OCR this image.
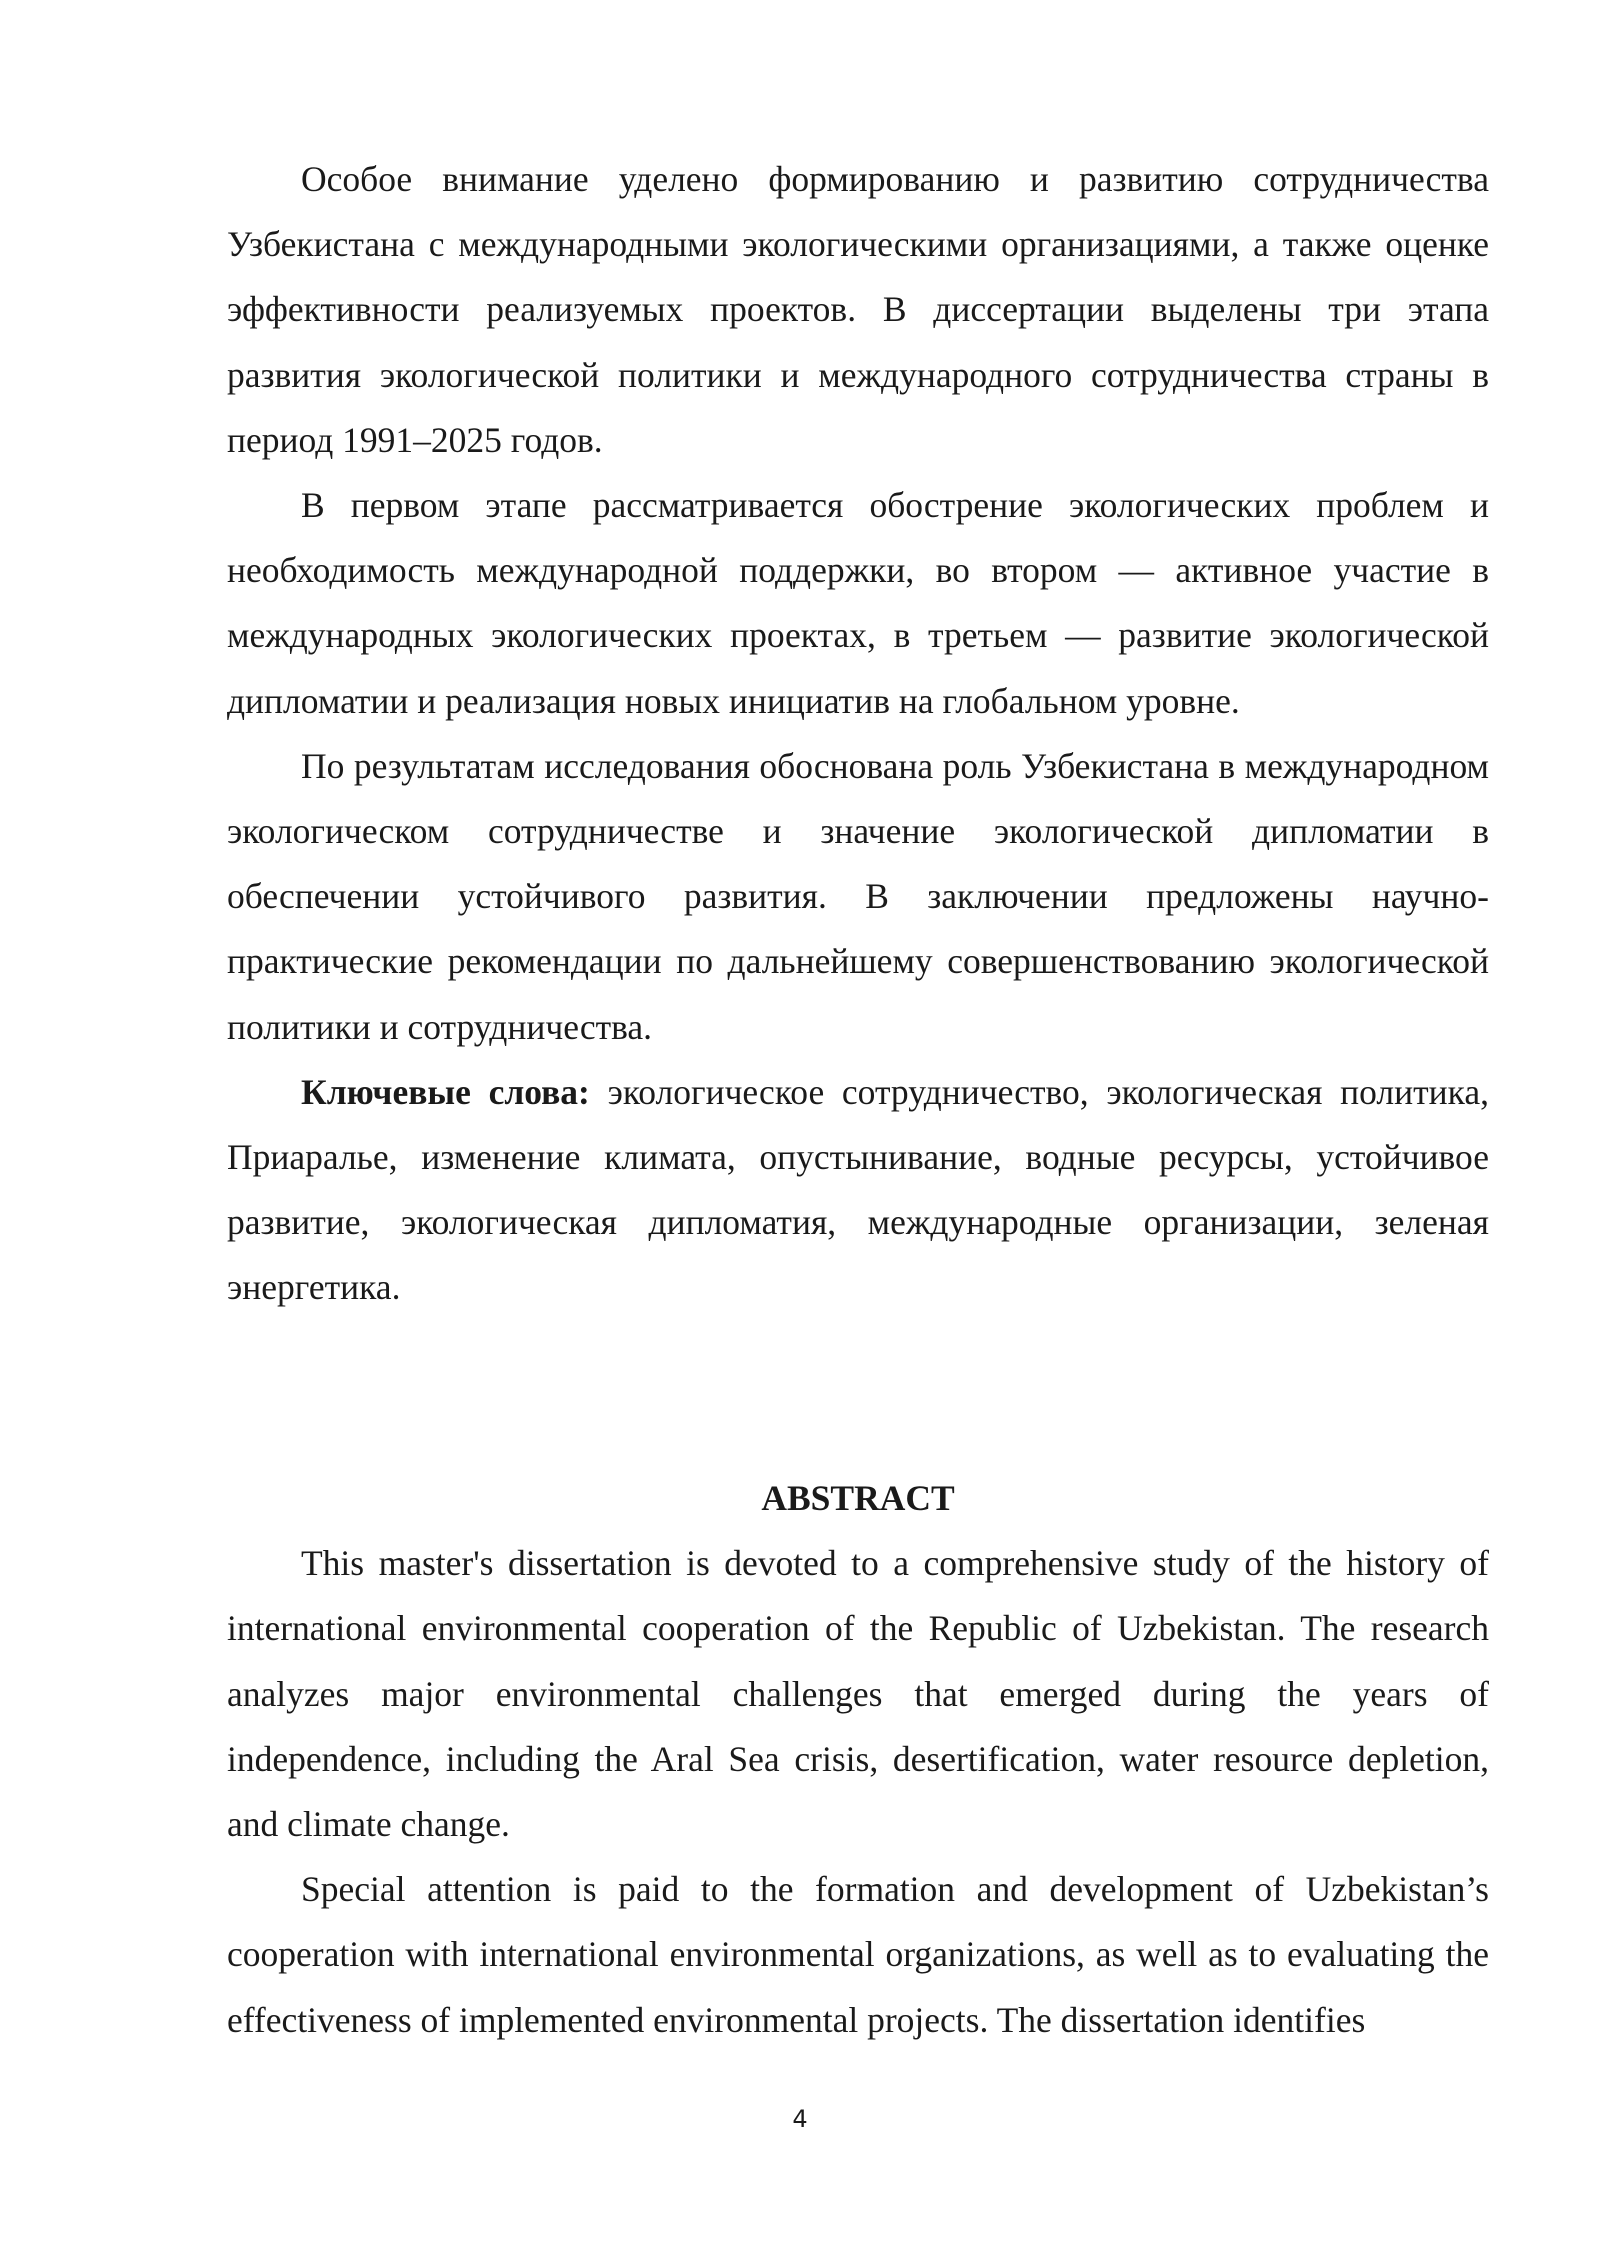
Особое внимание уделено формированию и развитию сотрудничества Узбекистана с международными экологическими организациями, а также оценке эффективности реализуемых проектов. В диссертации выделены три этапа развития экологической политики и международного сотрудничества страны в период 1991–2025 годов.

В первом этапе рассматривается обострение экологических проблем и необходимость международной поддержки, во втором — активное участие в международных экологических проектах, в третьем — развитие экологической дипломатии и реализация новых инициатив на глобальном уровне.

По результатам исследования обоснована роль Узбекистана в международном экологическом сотрудничестве и значение экологической дипломатии в обеспечении устойчивого развития. В заключении предложены научно-практические рекомендации по дальнейшему совершенствованию экологической политики и сотрудничества.

Ключевые слова: экологическое сотрудничество, экологическая политика, Приаралье, изменение климата, опустынивание, водные ресурсы, устойчивое развитие, экологическая дипломатия, международные организации, зеленая энергетика.

ABSTRACT

This master's dissertation is devoted to a comprehensive study of the history of international environmental cooperation of the Republic of Uzbekistan. The research analyzes major environmental challenges that emerged during the years of independence, including the Aral Sea crisis, desertification, water resource depletion, and climate change.

Special attention is paid to the formation and development of Uzbekistan’s cooperation with international environmental organizations, as well as to evaluating the effectiveness of implemented environmental projects. The dissertation identifies

4
